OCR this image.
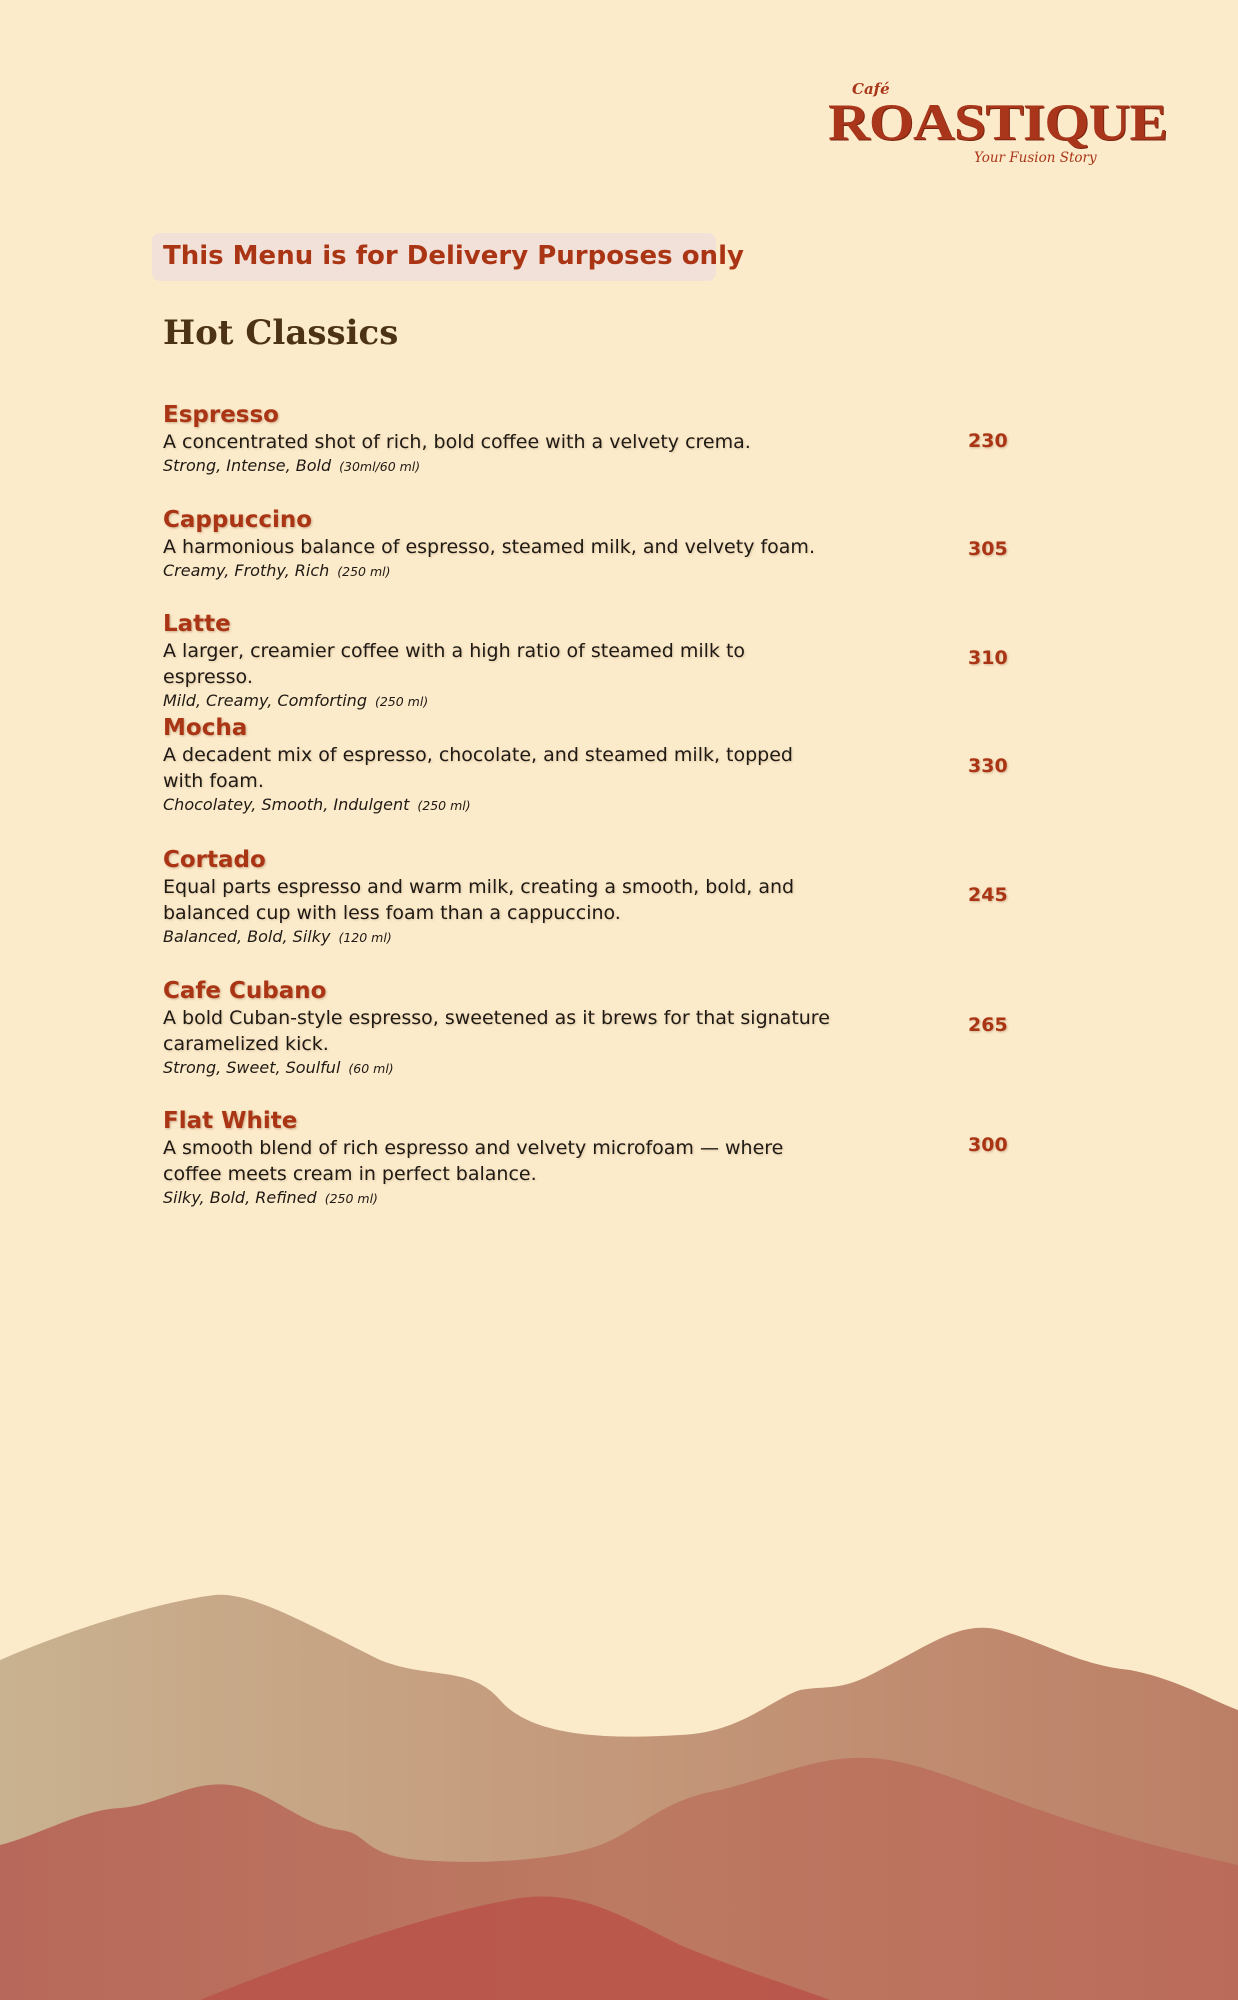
Café
ROASTIQUE
Your Fusion Story
This Menu is for Delivery Purposes only
Hot Classics
Espresso
A concentrated shot of rich, bold coffee with a velvety crema.
Strong, Intense, Bold (30ml/60 ml)
230
Cappuccino
A harmonious balance of espresso, steamed milk, and velvety foam.
Creamy, Frothy, Rich (250 ml)
305
Latte
A larger, creamier coffee with a high ratio of steamed milk to espresso.
Mild, Creamy, Comforting (250 ml)
310
Mocha
A decadent mix of espresso, chocolate, and steamed milk, topped with foam.
Chocolatey, Smooth, Indulgent (250 ml)
330
Cortado
Equal parts espresso and warm milk, creating a smooth, bold, and balanced cup with less foam than a cappuccino.
Balanced, Bold, Silky (120 ml)
245
Cafe Cubano
A bold Cuban-style espresso, sweetened as it brews for that signature caramelized kick.
Strong, Sweet, Soulful (60 ml)
265
Flat White
A smooth blend of rich espresso and velvety microfoam — where coffee meets cream in perfect balance.
Silky, Bold, Refined (250 ml)
300
